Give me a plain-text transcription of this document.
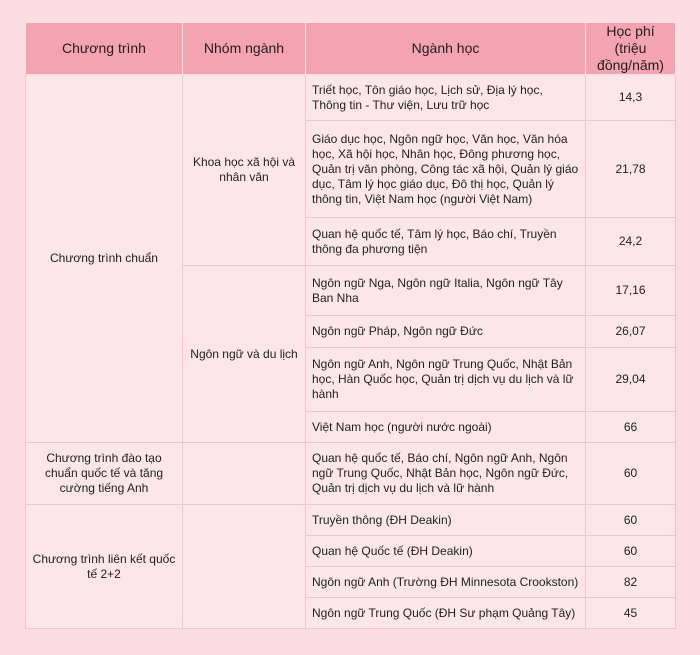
Chương trình	Nhóm ngành	Ngành học	Học phí (triệu đồng/năm)
Chương trình chuẩn	Khoa học xã hội và nhân văn	Triết học, Tôn giáo học, Lịch sử, Địa lý học, Thông tin - Thư viện, Lưu trữ học	14,3
		Giáo dục học, Ngôn ngữ học, Văn học, Văn hóa học, Xã hội học, Nhân học, Đông phương học, Quản trị văn phòng, Công tác xã hội, Quản lý giáo dục, Tâm lý học giáo dục, Đô thị học, Quản lý thông tin, Việt Nam học (người Việt Nam)	21,78
		Quan hệ quốc tế, Tâm lý học, Báo chí, Truyền thông đa phương tiện	24,2
	Ngôn ngữ và du lịch	Ngôn ngữ Nga, Ngôn ngữ Italia, Ngôn ngữ Tây Ban Nha	17,16
		Ngôn ngữ Pháp, Ngôn ngữ Đức	26,07
		Ngôn ngữ Anh, Ngôn ngữ Trung Quốc, Nhật Bản học, Hàn Quốc học, Quản trị dịch vụ du lịch và lữ hành	29,04
		Việt Nam học (người nước ngoài)	66
Chương trình đào tạo chuẩn quốc tế và tăng cường tiếng Anh		Quan hệ quốc tế, Báo chí, Ngôn ngữ Anh, Ngôn ngữ Trung Quốc, Nhật Bản học, Ngôn ngữ Đức, Quản trị dịch vụ du lịch và lữ hành	60
Chương trình liên kết quốc tế 2+2		Truyền thông (ĐH Deakin)	60
		Quan hệ Quốc tế (ĐH Deakin)	60
		Ngôn ngữ Anh (Trường ĐH Minnesota Crookston)	82
		Ngôn ngữ Trung Quốc (ĐH Sư phạm Quảng Tây)	45
